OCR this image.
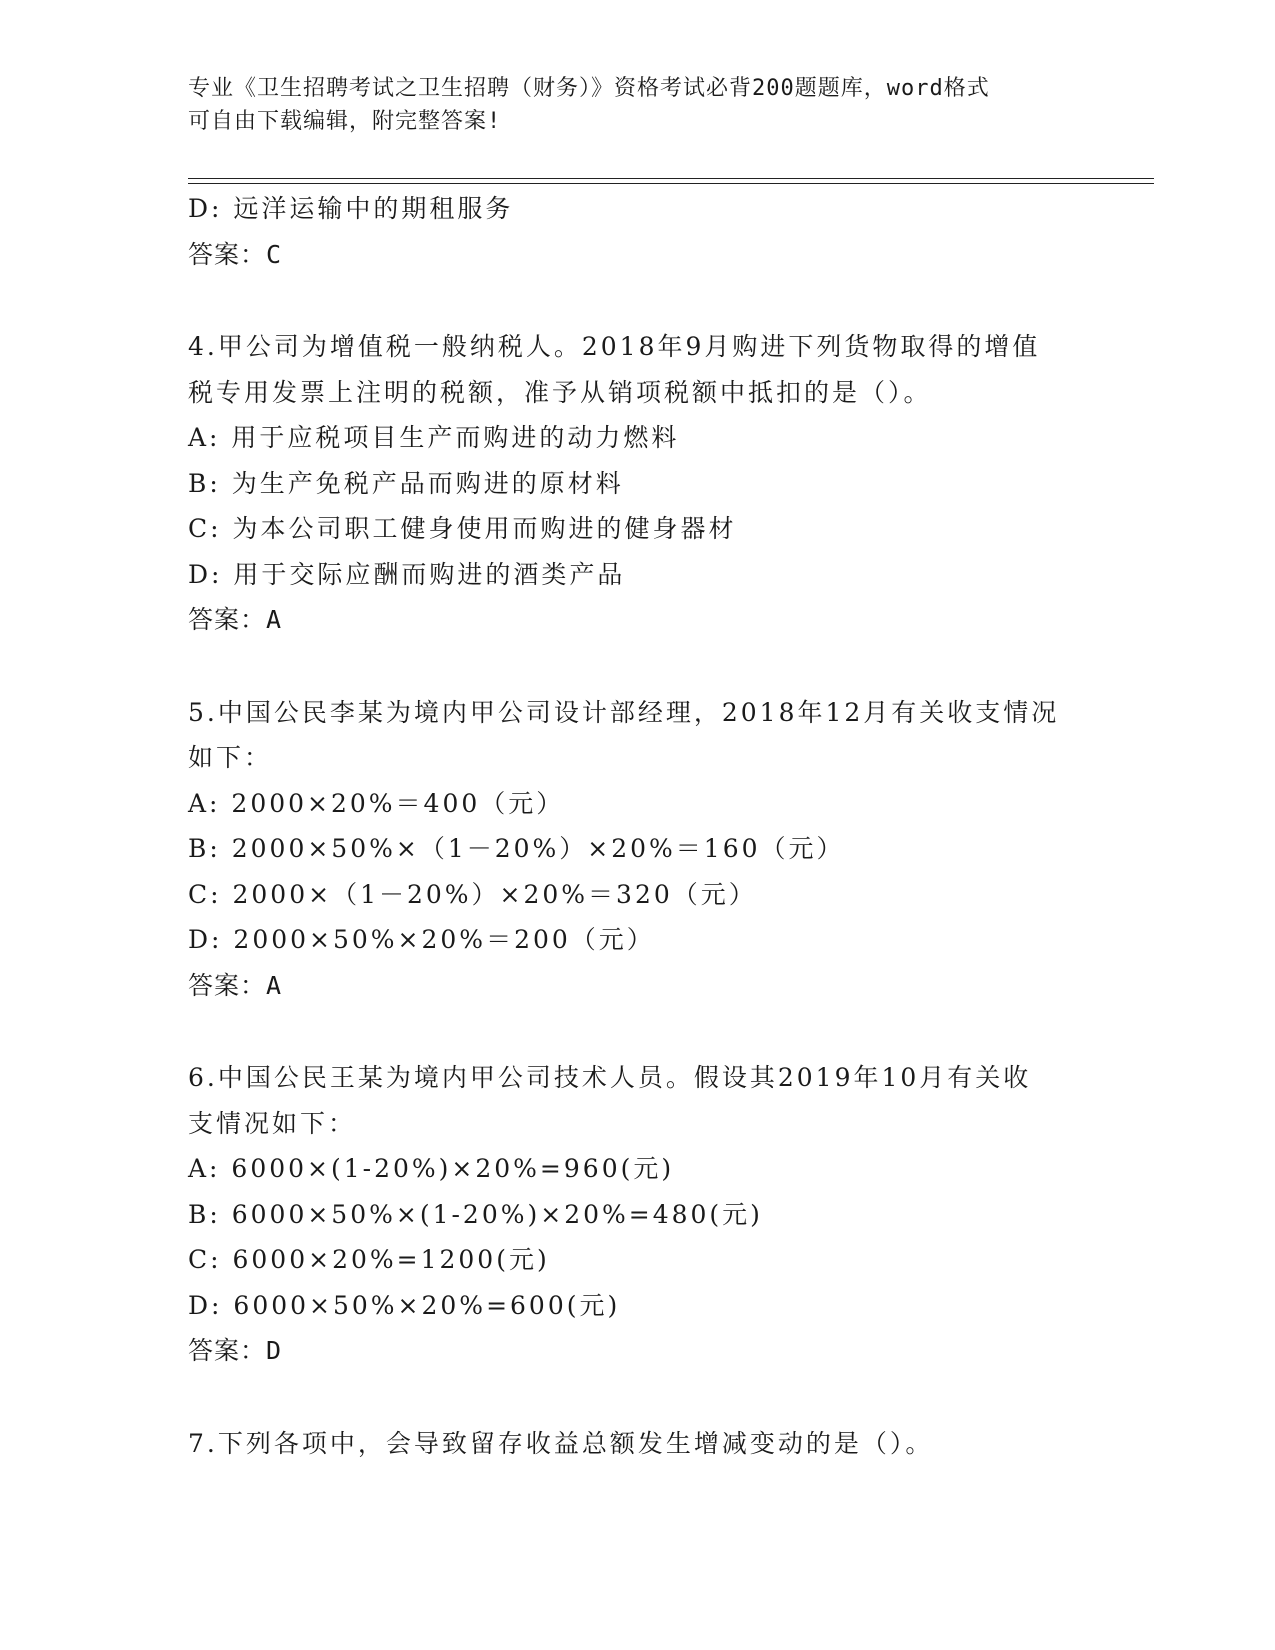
专业《卫生招聘考试之卫生招聘（财务）》资格考试必背200题题库，word格式
可自由下载编辑，附完整答案!
D: 远洋运输中的期租服务
答案：C
4.甲公司为增值税一般纳税人。2018年9月购进下列货物取得的增值
税专用发票上注明的税额，准予从销项税额中抵扣的是（）。
A: 用于应税项目生产而购进的动力燃料
B: 为生产免税产品而购进的原材料
C: 为本公司职工健身使用而购进的健身器材
D: 用于交际应酬而购进的酒类产品
答案：A
5.中国公民李某为境内甲公司设计部经理，2018年12月有关收支情况
如下：
A: 2000×20%＝400（元）
B: 2000×50%×（1－20%）×20%＝160（元）
C: 2000×（1－20%）×20%＝320（元）
D: 2000×50%×20%＝200（元）
答案：A
6.中国公民王某为境内甲公司技术人员。假设其2019年10月有关收
支情况如下：
A: 6000×(1-20%)×20%=960(元)
B: 6000×50%×(1-20%)×20%=480(元)
C: 6000×20%=1200(元)
D: 6000×50%×20%=600(元)
答案：D
7.下列各项中，会导致留存收益总额发生增减变动的是（）。
